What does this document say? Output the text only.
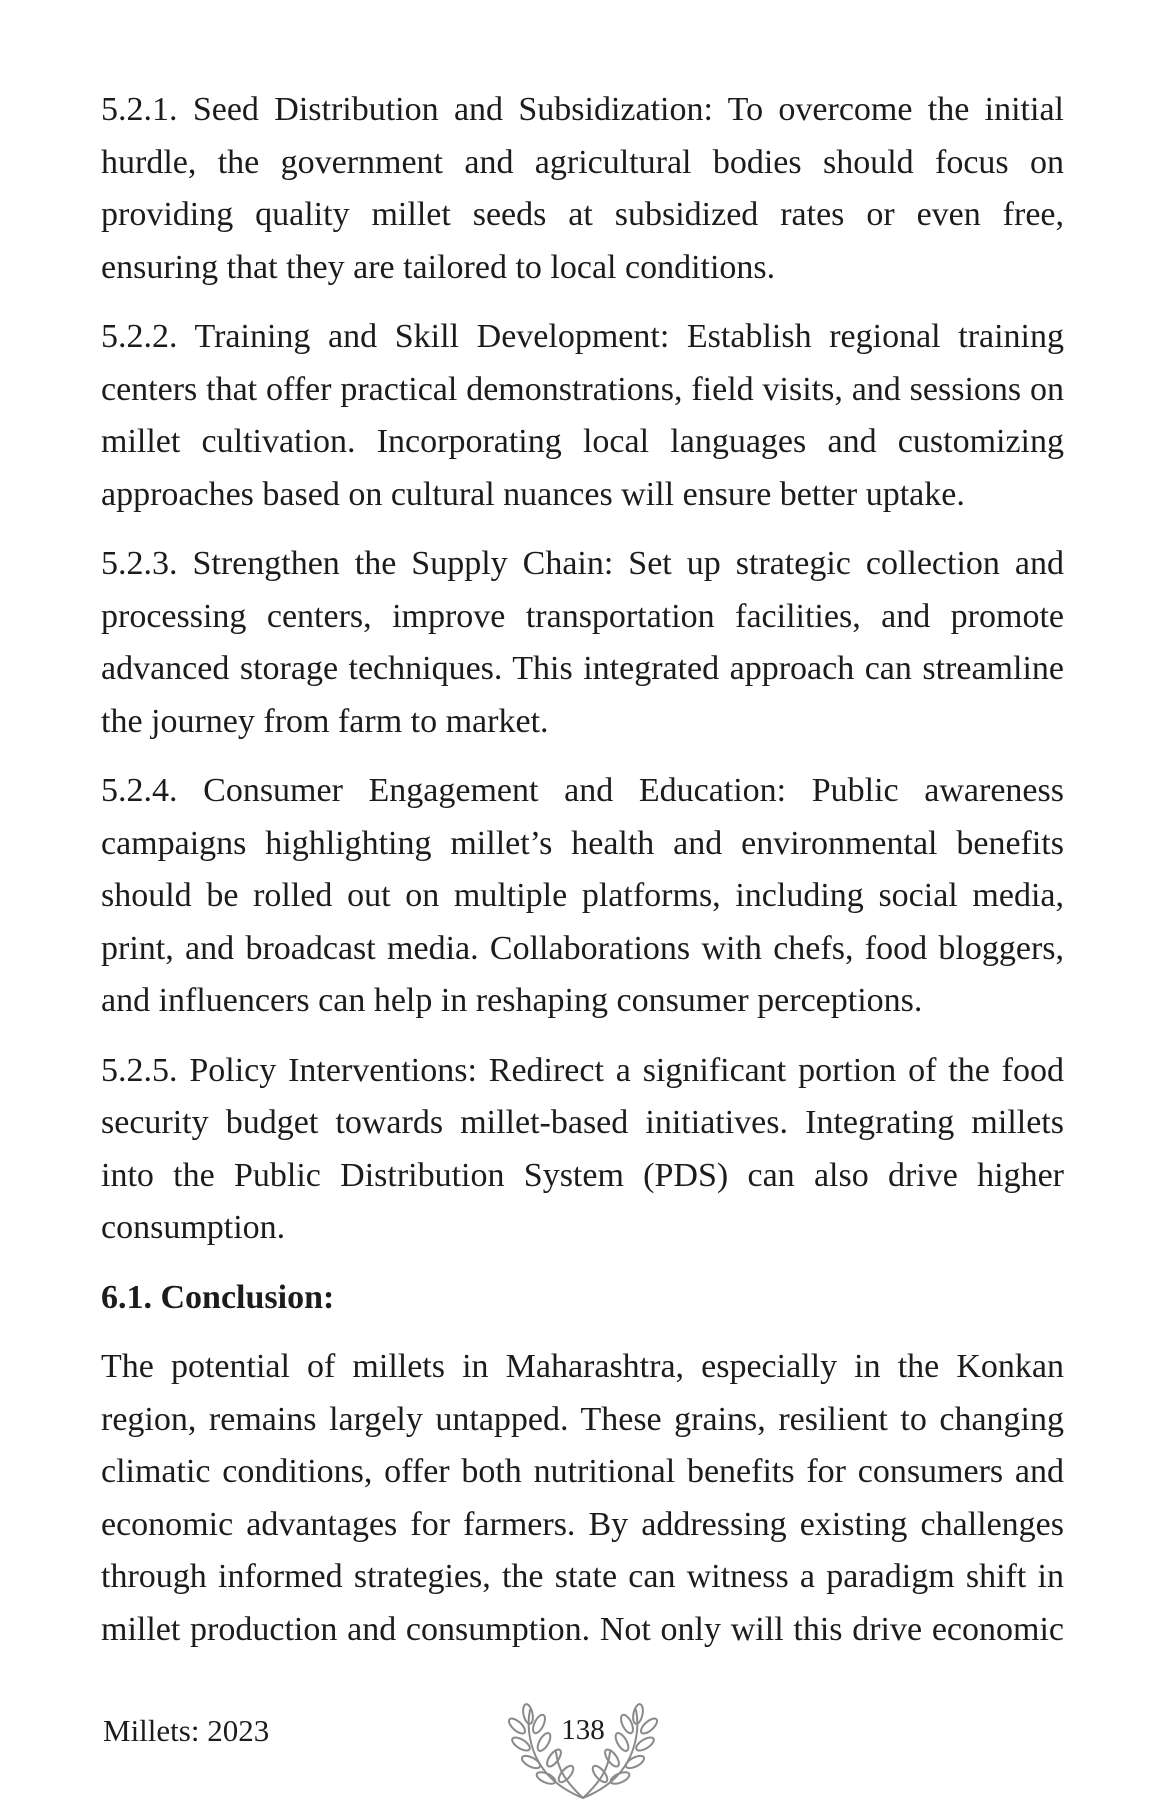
5.2.1. Seed Distribution and Subsidization: To overcome the initial hurdle, the government and agricultural bodies should focus on providing quality millet seeds at subsidized rates or even free, ensuring that they are tailored to local conditions.

5.2.2. Training and Skill Development: Establish regional training centers that offer practical demonstrations, field visits, and sessions on millet cultivation. Incorporating local languages and customizing approaches based on cultural nuances will ensure better uptake.

5.2.3. Strengthen the Supply Chain: Set up strategic collection and processing centers, improve transportation facilities, and promote advanced storage techniques. This integrated approach can streamline the journey from farm to market.

5.2.4. Consumer Engagement and Education: Public awareness campaigns highlighting millet’s health and environmental benefits should be rolled out on multiple platforms, including social media, print, and broadcast media. Collaborations with chefs, food bloggers, and influencers can help in reshaping consumer perceptions.

5.2.5. Policy Interventions: Redirect a significant portion of the food security budget towards millet-based initiatives. Integrating millets into the Public Distribution System (PDS) can also drive higher consumption.

6.1. Conclusion:

The potential of millets in Maharashtra, especially in the Konkan region, remains largely untapped. These grains, resilient to changing climatic conditions, offer both nutritional benefits for consumers and economic advantages for farmers. By addressing existing challenges through informed strategies, the state can witness a paradigm shift in millet production and consumption. Not only will this drive economic

Millets: 2023	138
